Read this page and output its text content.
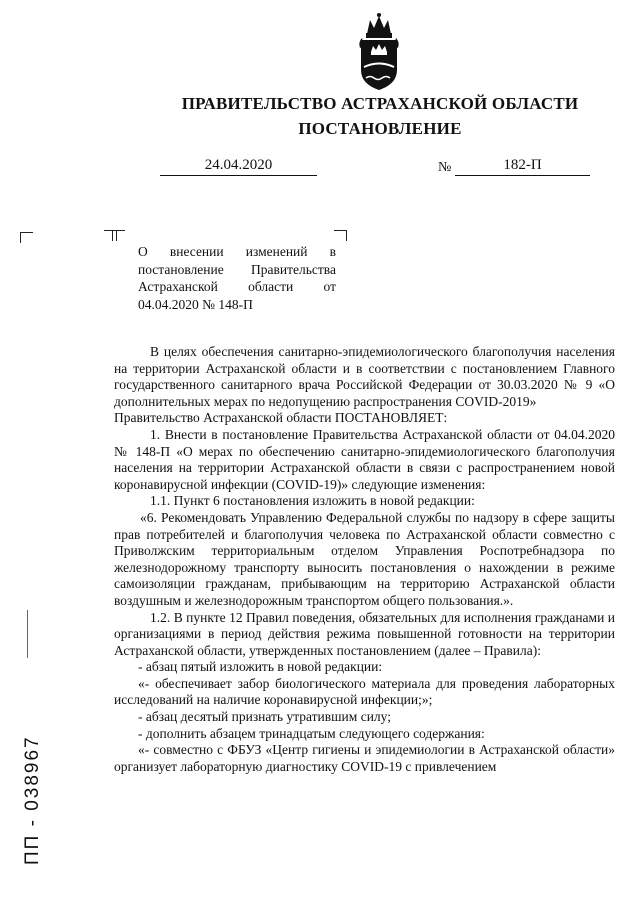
ПРАВИТЕЛЬСТВО АСТРАХАНСКОЙ ОБЛАСТИ
ПОСТАНОВЛЕНИЕ
24.04.2020	№	182-П
О внесении изменений в
постановление Правительства
Астраханской области от
04.04.2020 № 148-П

В целях обеспечения санитарно-эпидемиологического благополучия населения на территории Астраханской области и в соответствии с постановлением Главного государственного санитарного врача Российской Федерации от 30.03.2020 № 9 «О дополнительных мерах по недопущению распространения COVID-2019»

Правительство Астраханской области ПОСТАНОВЛЯЕТ:

1. Внести в постановление Правительства Астраханской области от 04.04.2020 № 148-П «О мерах по обеспечению санитарно-эпидемиологического благополучия населения на территории Астраханской области в связи с распространением новой коронавирусной инфекции (COVID-19)» следующие изменения:

1.1. Пункт 6 постановления изложить в новой редакции:

«6. Рекомендовать Управлению Федеральной службы по надзору в сфере защиты прав потребителей и благополучия человека по Астраханской области совместно с Приволжским территориальным отделом Управления Роспотребнадзора по железнодорожному транспорту выносить постановления о нахождении в режиме самоизоляции гражданам, прибывающим на территорию Астраханской области воздушным и железнодорожным транспортом общего пользования.».

1.2. В пункте 12 Правил поведения, обязательных для исполнения гражданами и организациями в период действия режима повышенной готовности на территории Астраханской области, утвержденных постановлением (далее – Правила):

- абзац пятый изложить в новой редакции:

«- обеспечивает забор биологического материала для проведения лабораторных исследований на наличие коронавирусной инфекции;»;

- абзац десятый признать утратившим силу;

- дополнить абзацем тринадцатым следующего содержания:

«- совместно с ФБУЗ «Центр гигиены и эпидемиологии в Астраханской области» организует лабораторную диагностику COVID-19 с привлечением

ПП - 038967
